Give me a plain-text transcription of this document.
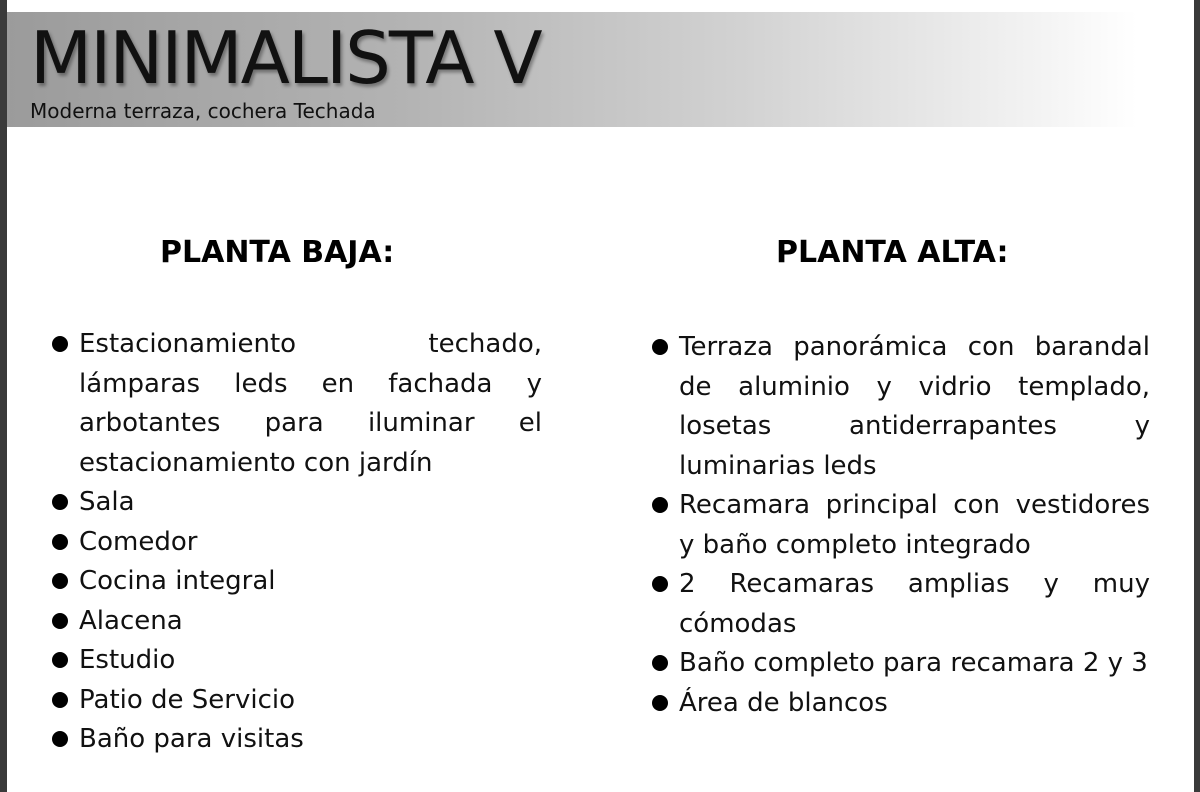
MINIMALISTA V

Moderna terraza, cochera Techada

PLANTA BAJA:
Estacionamiento techado, lámparas leds en fachada y arbotantes para iluminar el estacionamiento con jardín
Sala
Comedor
Cocina integral
Alacena
Estudio
Patio de Servicio
Baño para visitas
PLANTA ALTA:
Terraza panorámica con barandal de aluminio y vidrio templado, losetas antiderrapantes y luminarias leds
Recamara principal con vestidores y baño completo integrado
2 Recamaras amplias y muy cómodas
Baño completo para recamara 2 y 3
Área de blancos
